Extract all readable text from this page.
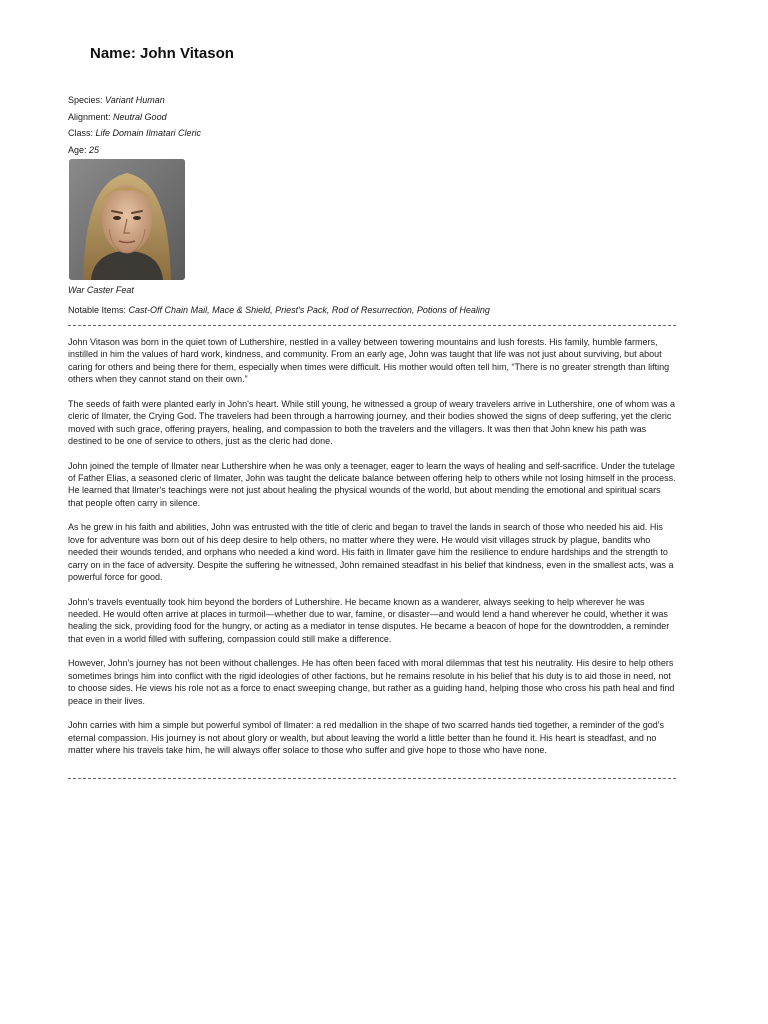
Name: John Vitason
Species: Variant Human
Alignment: Neutral Good
Class: Life Domain Ilmatari Cleric
Age: 25
War Caster Feat
Notable Items: Cast-Off Chain Mail, Mace & Shield, Priest's Pack, Rod of Resurrection, Potions of Healing

John Vitason was born in the quiet town of Luthershire, nestled in a valley between towering mountains and lush forests. His family, humble farmers, instilled in him the values of hard work, kindness, and community. From an early age, John was taught that life was not just about surviving, but about caring for others and being there for them, especially when times were difficult. His mother would often tell him, “There is no greater strength than lifting others when they cannot stand on their own.”

The seeds of faith were planted early in John's heart. While still young, he witnessed a group of weary travelers arrive in Luthershire, one of whom was a cleric of Ilmater, the Crying God. The travelers had been through a harrowing journey, and their bodies showed the signs of deep suffering, yet the cleric moved with such grace, offering prayers, healing, and compassion to both the travelers and the villagers. It was then that John knew his path was destined to be one of service to others, just as the cleric had done.

John joined the temple of Ilmater near Luthershire when he was only a teenager, eager to learn the ways of healing and self-sacrifice. Under the tutelage of Father Elias, a seasoned cleric of Ilmater, John was taught the delicate balance between offering help to others while not losing himself in the process. He learned that Ilmater's teachings were not just about healing the physical wounds of the world, but about mending the emotional and spiritual scars that people often carry in silence.

As he grew in his faith and abilities, John was entrusted with the title of cleric and began to travel the lands in search of those who needed his aid. His love for adventure was born out of his deep desire to help others, no matter where they were. He would visit villages struck by plague, bandits who needed their wounds tended, and orphans who needed a kind word. His faith in Ilmater gave him the resilience to endure hardships and the strength to carry on in the face of adversity. Despite the suffering he witnessed, John remained steadfast in his belief that kindness, even in the smallest acts, was a powerful force for good.

John's travels eventually took him beyond the borders of Luthershire. He became known as a wanderer, always seeking to help wherever he was needed. He would often arrive at places in turmoil—whether due to war, famine, or disaster—and would lend a hand wherever he could, whether it was healing the sick, providing food for the hungry, or acting as a mediator in tense disputes. He became a beacon of hope for the downtrodden, a reminder that even in a world filled with suffering, compassion could still make a difference.

However, John's journey has not been without challenges. He has often been faced with moral dilemmas that test his neutrality. His desire to help others sometimes brings him into conflict with the rigid ideologies of other factions, but he remains resolute in his belief that his duty is to aid those in need, not to choose sides. He views his role not as a force to enact sweeping change, but rather as a guiding hand, helping those who cross his path heal and find peace in their lives.

John carries with him a simple but powerful symbol of Ilmater: a red medallion in the shape of two scarred hands tied together, a reminder of the god's eternal compassion. His journey is not about glory or wealth, but about leaving the world a little better than he found it. His heart is steadfast, and no matter where his travels take him, he will always offer solace to those who suffer and give hope to those who have none.
